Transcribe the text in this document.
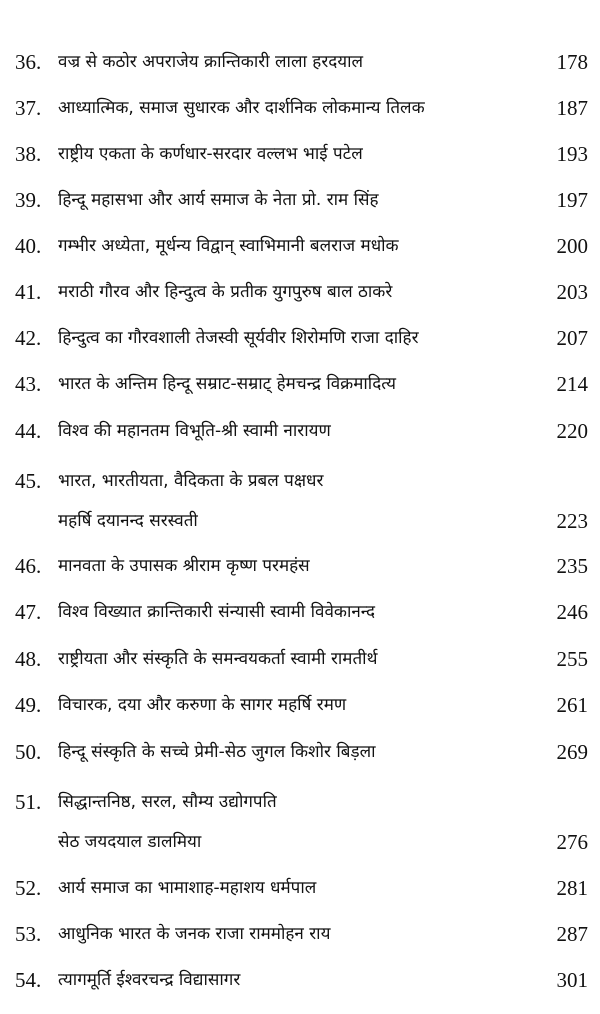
36. वज्र से कठोर अपराजेय क्रान्तिकारी लाला हरदयाल	178
37. आध्यात्मिक, समाज सुधारक और दार्शनिक लोकमान्य तिलक	187
38. राष्ट्रीय एकता के कर्णधार-सरदार वल्लभ भाई पटेल	193
39. हिन्दू महासभा और आर्य समाज के नेता प्रो. राम सिंह	197
40. गम्भीर अध्येता, मूर्धन्य विद्वान् स्वाभिमानी बलराज मधोक	200
41. मराठी गौरव और हिन्दुत्व के प्रतीक युगपुरुष बाल ठाकरे	203
42. हिन्दुत्व का गौरवशाली तेजस्वी सूर्यवीर शिरोमणि राजा दाहिर	207
43. भारत के अन्तिम हिन्दू सम्राट-सम्राट् हेमचन्द्र विक्रमादित्य	214
44. विश्व की महानतम विभूति-श्री स्वामी नारायण	220
45. भारत, भारतीयता, वैदिकता के प्रबल पक्षधर
महर्षि दयानन्द सरस्वती	223
46. मानवता के उपासक श्रीराम कृष्ण परमहंस	235
47. विश्व विख्यात क्रान्तिकारी संन्यासी स्वामी विवेकानन्द	246
48. राष्ट्रीयता और संस्कृति के समन्वयकर्ता स्वामी रामतीर्थ	255
49. विचारक, दया और करुणा के सागर महर्षि रमण	261
50. हिन्दू संस्कृति के सच्चे प्रेमी-सेठ जुगल किशोर बिड़ला	269
51. सिद्धान्तनिष्ठ, सरल, सौम्य उद्योगपति
सेठ जयदयाल डालमिया	276
52. आर्य समाज का भामाशाह-महाशय धर्मपाल	281
53. आधुनिक भारत के जनक राजा राममोहन राय	287
54. त्यागमूर्ति ईश्वरचन्द्र विद्यासागर	301
